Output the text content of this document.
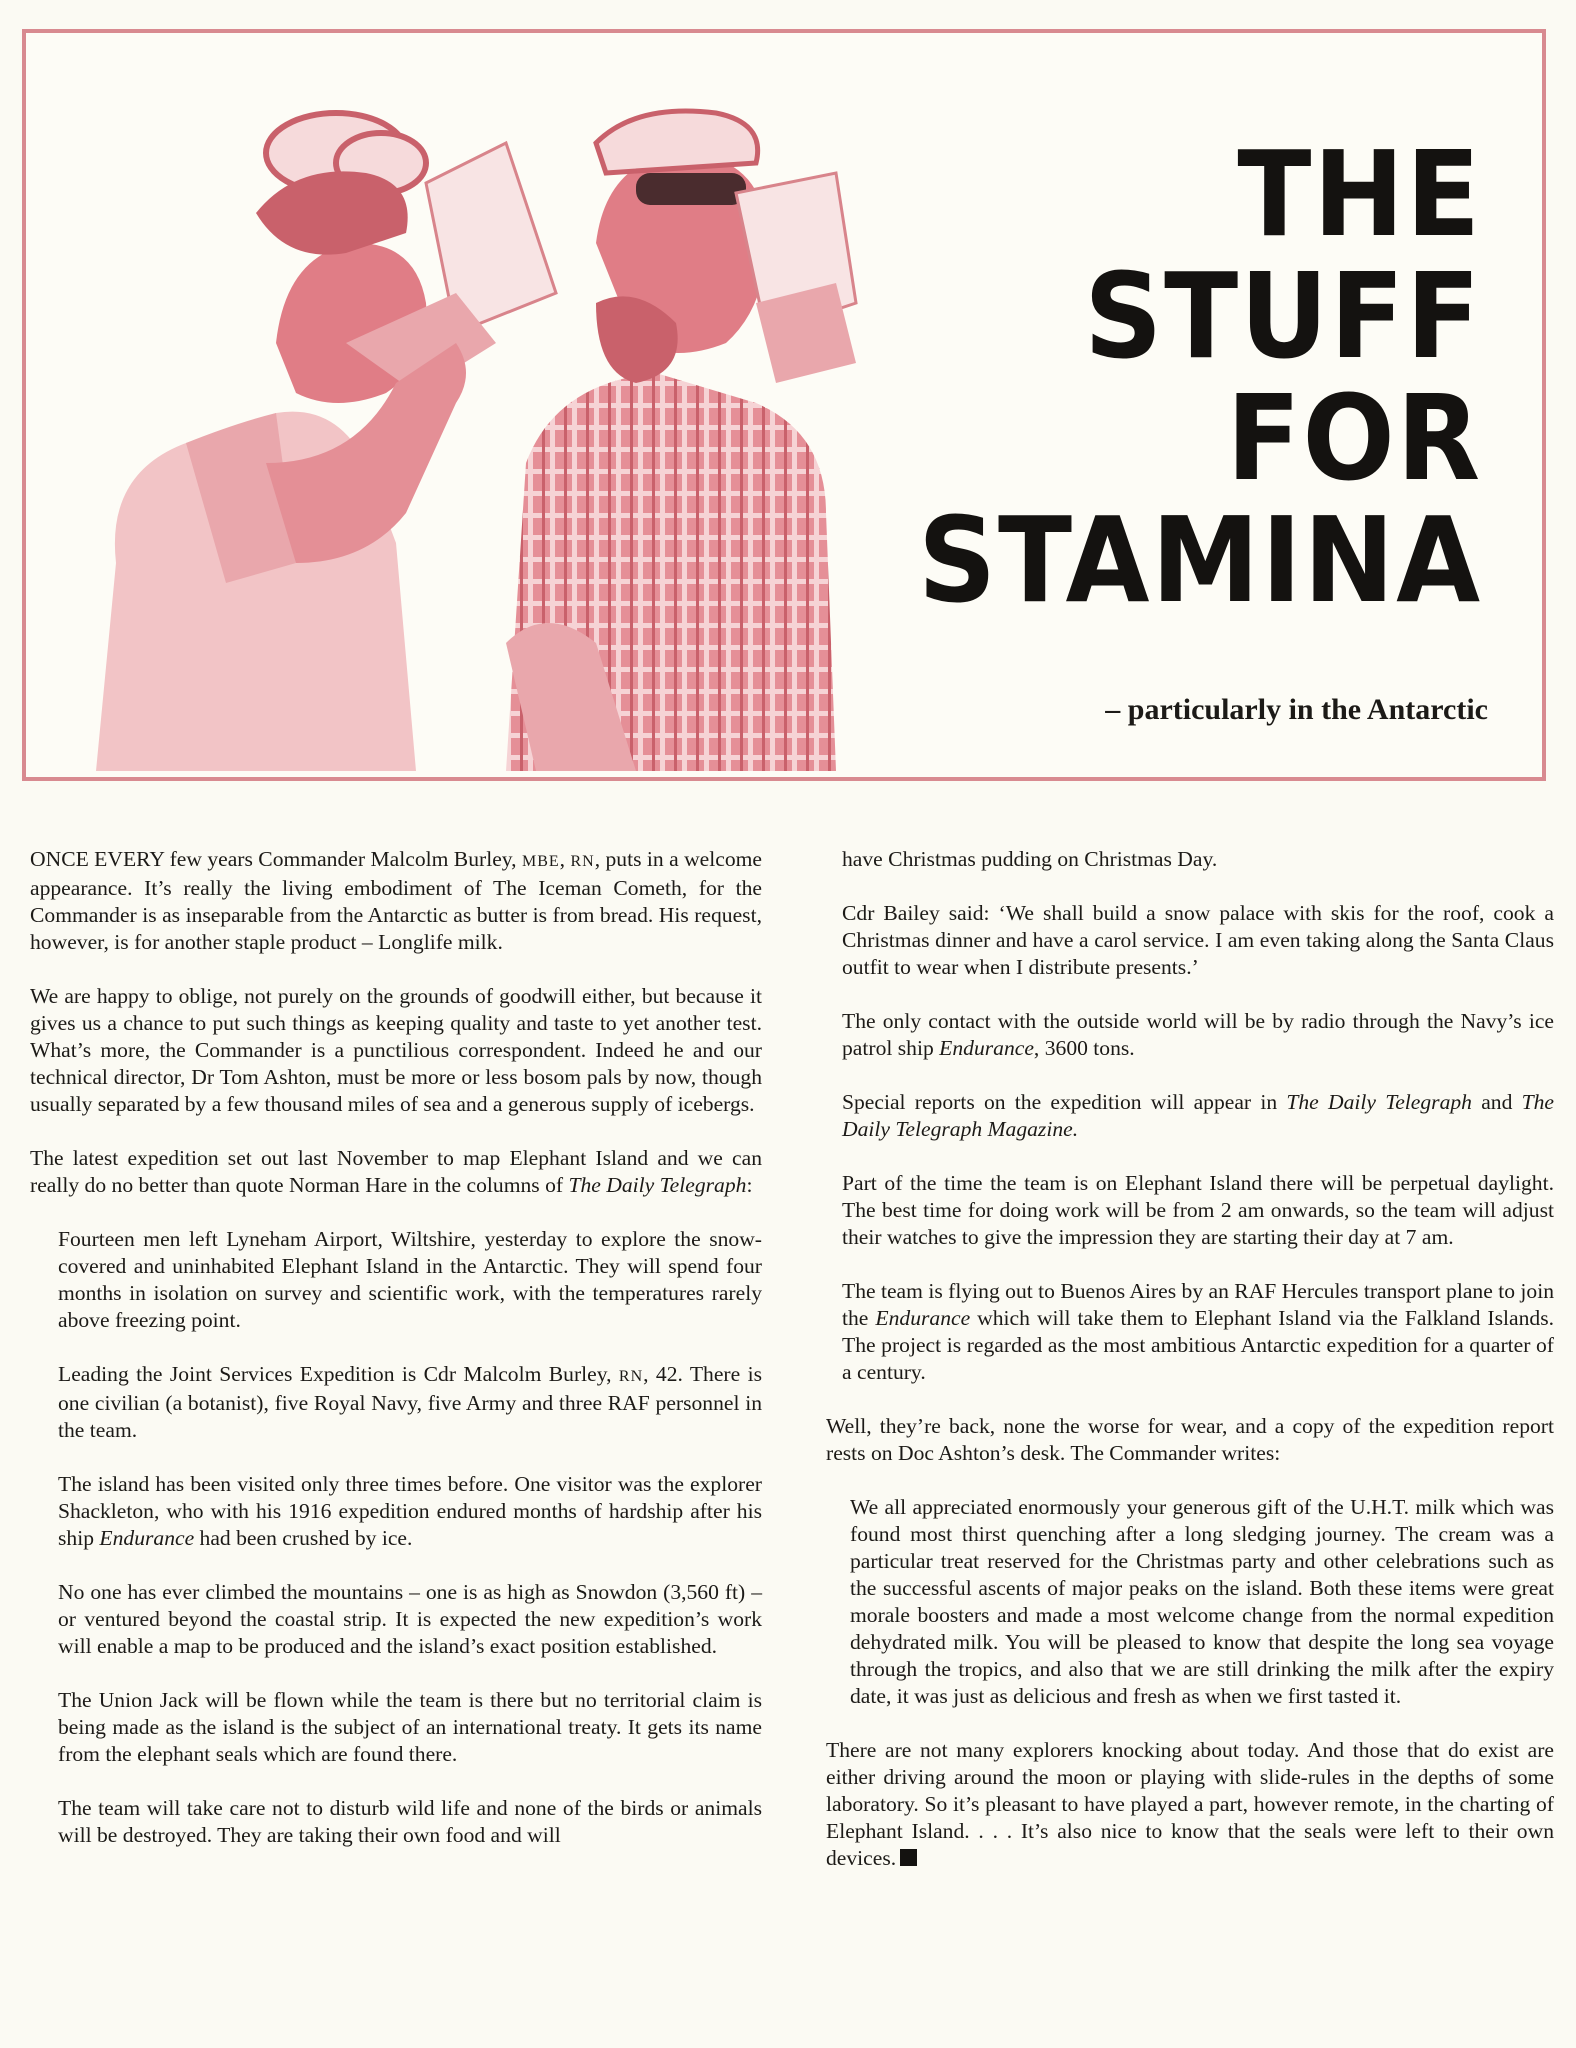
THE
STUFF
FOR
STAMINA
– particularly in the Antarctic

ONCE EVERY few years Commander Malcolm Burley, MBE, RN, puts in a welcome appearance. It’s really the living embodiment of The Iceman Cometh, for the Commander is as inseparable from the Antarctic as butter is from bread. His request, however, is for another staple product – Longlife milk.

We are happy to oblige, not purely on the grounds of goodwill either, but because it gives us a chance to put such things as keeping quality and taste to yet another test. What’s more, the Commander is a punctilious correspondent. Indeed he and our technical director, Dr Tom Ashton, must be more or less bosom pals by now, though usually separated by a few thousand miles of sea and a generous supply of icebergs.

The latest expedition set out last November to map Elephant Island and we can really do no better than quote Norman Hare in the columns of The Daily Telegraph:

Fourteen men left Lyneham Airport, Wiltshire, yesterday to explore the snow-covered and uninhabited Elephant Island in the Antarctic. They will spend four months in isolation on survey and scientific work, with the temperatures rarely above freezing point.

Leading the Joint Services Expedition is Cdr Malcolm Burley, RN, 42. There is one civilian (a botanist), five Royal Navy, five Army and three RAF personnel in the team.

The island has been visited only three times before. One visitor was the explorer Shackleton, who with his 1916 expedition endured months of hardship after his ship Endurance had been crushed by ice.

No one has ever climbed the mountains – one is as high as Snowdon (3,560 ft) – or ventured beyond the coastal strip. It is expected the new expedition’s work will enable a map to be produced and the island’s exact position established.

The Union Jack will be flown while the team is there but no territorial claim is being made as the island is the subject of an international treaty. It gets its name from the elephant seals which are found there.

The team will take care not to disturb wild life and none of the birds or animals will be destroyed. They are taking their own food and will

have Christmas pudding on Christmas Day.

Cdr Bailey said: ‘We shall build a snow palace with skis for the roof, cook a Christmas dinner and have a carol service. I am even taking along the Santa Claus outfit to wear when I distribute presents.’

The only contact with the outside world will be by radio through the Navy’s ice patrol ship Endurance, 3600 tons.

Special reports on the expedition will appear in The Daily Telegraph and The Daily Telegraph Magazine.

Part of the time the team is on Elephant Island there will be perpetual daylight. The best time for doing work will be from 2 am onwards, so the team will adjust their watches to give the impression they are starting their day at 7 am.

The team is flying out to Buenos Aires by an RAF Hercules transport plane to join the Endurance which will take them to Elephant Island via the Falkland Islands. The project is regarded as the most ambitious Antarctic expedition for a quarter of a century.

Well, they’re back, none the worse for wear, and a copy of the expedition report rests on Doc Ashton’s desk. The Commander writes:

We all appreciated enormously your generous gift of the U.H.T. milk which was found most thirst quenching after a long sledging journey. The cream was a particular treat reserved for the Christmas party and other celebrations such as the successful ascents of major peaks on the island. Both these items were great morale boosters and made a most welcome change from the normal expedition dehydrated milk. You will be pleased to know that despite the long sea voyage through the tropics, and also that we are still drinking the milk after the expiry date, it was just as delicious and fresh as when we first tasted it.

There are not many explorers knocking about today. And those that do exist are either driving around the moon or playing with slide-rules in the depths of some laboratory. So it’s pleasant to have played a part, however remote, in the charting of Elephant Island. . . . It’s also nice to know that the seals were left to their own devices.
